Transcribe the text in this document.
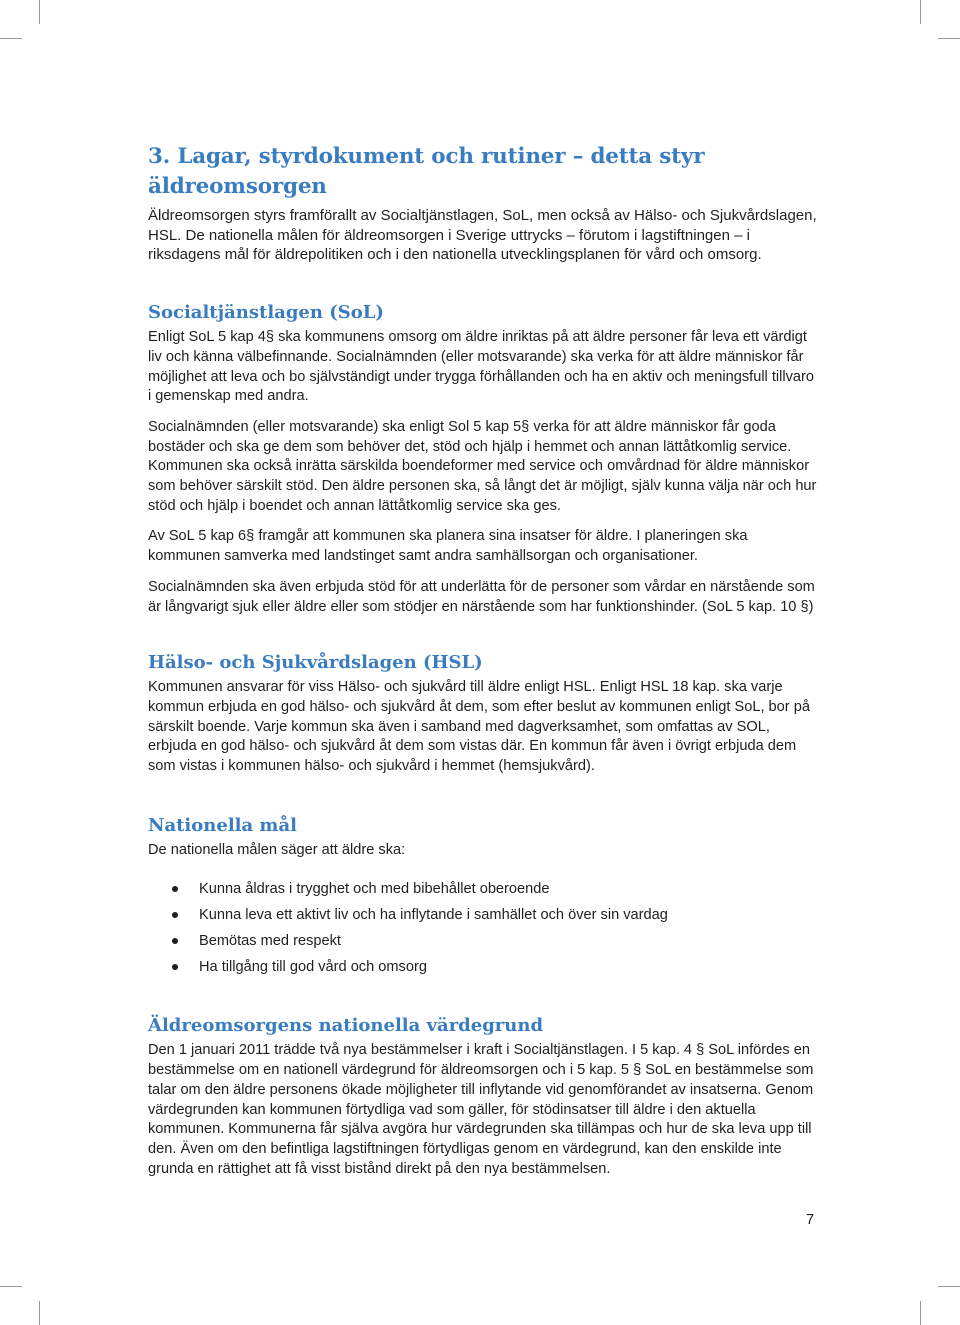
3. Lagar, styrdokument och rutiner – detta styr äldreomsorgen

Äldreomsorgen styrs framförallt av Socialtjänstlagen, SoL, men också av Hälso- och Sjukvårdslagen, HSL. De nationella målen för äldreomsorgen i Sverige uttrycks – förutom i lagstiftningen – i riksdagens mål för äldrepolitiken och i den nationella utvecklingsplanen för vård och omsorg.

Socialtjänstlagen (SoL)

Enligt SoL 5 kap 4§ ska kommunens omsorg om äldre inriktas på att äldre personer får leva ett värdigt liv och känna välbefinnande. Socialnämnden (eller motsvarande) ska verka för att äldre människor får möjlighet att leva och bo självständigt under trygga förhållanden och ha en aktiv och meningsfull tillvaro i gemenskap med andra.

Socialnämnden (eller motsvarande) ska enligt Sol 5 kap 5§ verka för att äldre människor får goda bostäder och ska ge dem som behöver det, stöd och hjälp i hemmet och annan lättåtkomlig service. Kommunen ska också inrätta särskilda boendeformer med service och omvårdnad för äldre människor som behöver särskilt stöd. Den äldre personen ska, så långt det är möjligt, själv kunna välja när och hur stöd och hjälp i boendet och annan lättåtkomlig service ska ges.

Av SoL 5 kap 6§ framgår att kommunen ska planera sina insatser för äldre. I planeringen ska kommunen samverka med landstinget samt andra samhällsorgan och organisationer.

Socialnämnden ska även erbjuda stöd för att underlätta för de personer som vårdar en närstående som är långvarigt sjuk eller äldre eller som stödjer en närstående som har funktionshinder. (SoL 5 kap. 10 §)

Hälso- och Sjukvårdslagen (HSL)

Kommunen ansvarar för viss Hälso- och sjukvård till äldre enligt HSL. Enligt HSL 18 kap. ska varje kommun erbjuda en god hälso- och sjukvård åt dem, som efter beslut av kommunen enligt SoL, bor på särskilt boende. Varje kommun ska även i samband med dagverksamhet, som omfattas av SOL, erbjuda en god hälso- och sjukvård åt dem som vistas där. En kommun får även i övrigt erbjuda dem som vistas i kommunen hälso- och sjukvård i hemmet (hemsjukvård).

Nationella mål

De nationella målen säger att äldre ska:

Kunna åldras i trygghet och med bibehållet oberoende
Kunna leva ett aktivt liv och ha inflytande i samhället och över sin vardag
Bemötas med respekt
Ha tillgång till god vård och omsorg
Äldreomsorgens nationella värdegrund

Den 1 januari 2011 trädde två nya bestämmelser i kraft i Socialtjänstlagen. I 5 kap. 4 § SoL infördes en bestämmelse om en nationell värdegrund för äldreomsorgen och i 5 kap. 5 § SoL en bestämmelse som talar om den äldre personens ökade möjligheter till inflytande vid genomförandet av insatserna. Genom värdegrunden kan kommunen förtydliga vad som gäller, för stödinsatser till äldre i den aktuella kommunen. Kommunerna får själva avgöra hur värdegrunden ska tillämpas och hur de ska leva upp till den. Även om den befintliga lagstiftningen förtydligas genom en värdegrund, kan den enskilde inte grunda en rättighet att få visst bistånd direkt på den nya bestämmelsen.

7
